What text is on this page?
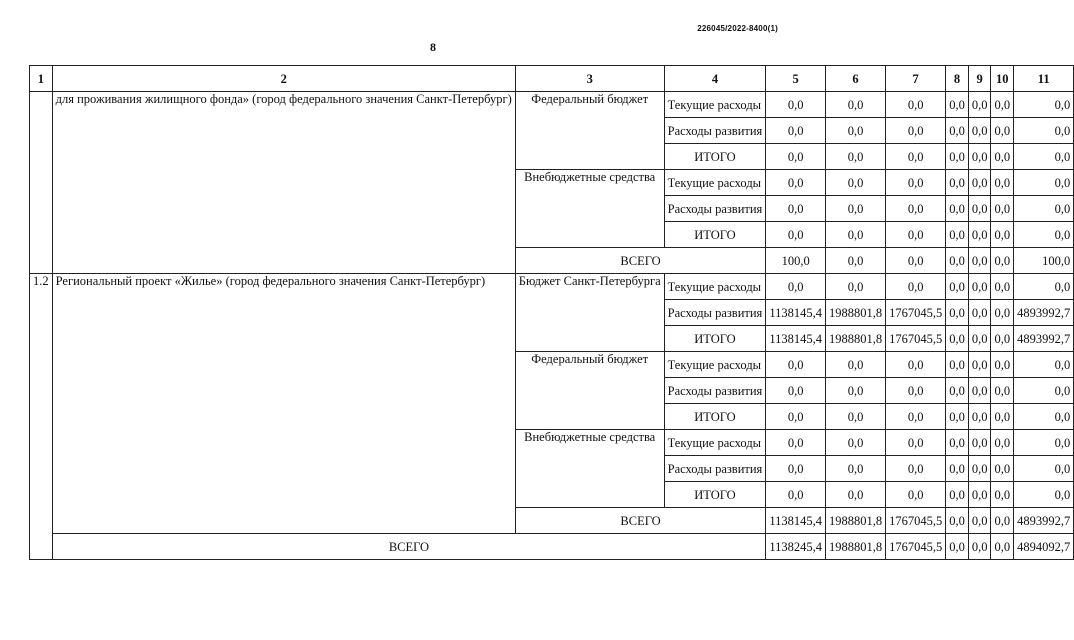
226045/2022-8400(1)
8
1	2	3	4	5	6	7	8	9	10	11
	для проживания жилищного фонда» (город федерального значения Санкт-Петербург)	Федеральный бюджет	Текущие расходы	0,0	0,0	0,0	0,0	0,0	0,0	0,0
			Расходы развития	0,0	0,0	0,0	0,0	0,0	0,0	0,0
			ИТОГО	0,0	0,0	0,0	0,0	0,0	0,0	0,0
		Внебюджетные средства	Текущие расходы	0,0	0,0	0,0	0,0	0,0	0,0	0,0
			Расходы развития	0,0	0,0	0,0	0,0	0,0	0,0	0,0
			ИТОГО	0,0	0,0	0,0	0,0	0,0	0,0	0,0
		ВСЕГО		100,0	0,0	0,0	0,0	0,0	0,0	100,0
1.2	Региональный проект «Жилье» (город федерального значения Санкт-Петербург)	Бюджет Санкт-Петербурга	Текущие расходы	0,0	0,0	0,0	0,0	0,0	0,0	0,0
			Расходы развития	1138145,4	1988801,8	1767045,5	0,0	0,0	0,0	4893992,7
			ИТОГО	1138145,4	1988801,8	1767045,5	0,0	0,0	0,0	4893992,7
		Федеральный бюджет	Текущие расходы	0,0	0,0	0,0	0,0	0,0	0,0	0,0
			Расходы развития	0,0	0,0	0,0	0,0	0,0	0,0	0,0
			ИТОГО	0,0	0,0	0,0	0,0	0,0	0,0	0,0
		Внебюджетные средства	Текущие расходы	0,0	0,0	0,0	0,0	0,0	0,0	0,0
			Расходы развития	0,0	0,0	0,0	0,0	0,0	0,0	0,0
			ИТОГО	0,0	0,0	0,0	0,0	0,0	0,0	0,0
		ВСЕГО		1138145,4	1988801,8	1767045,5	0,0	0,0	0,0	4893992,7
	ВСЕГО			1138245,4	1988801,8	1767045,5	0,0	0,0	0,0	4894092,7
